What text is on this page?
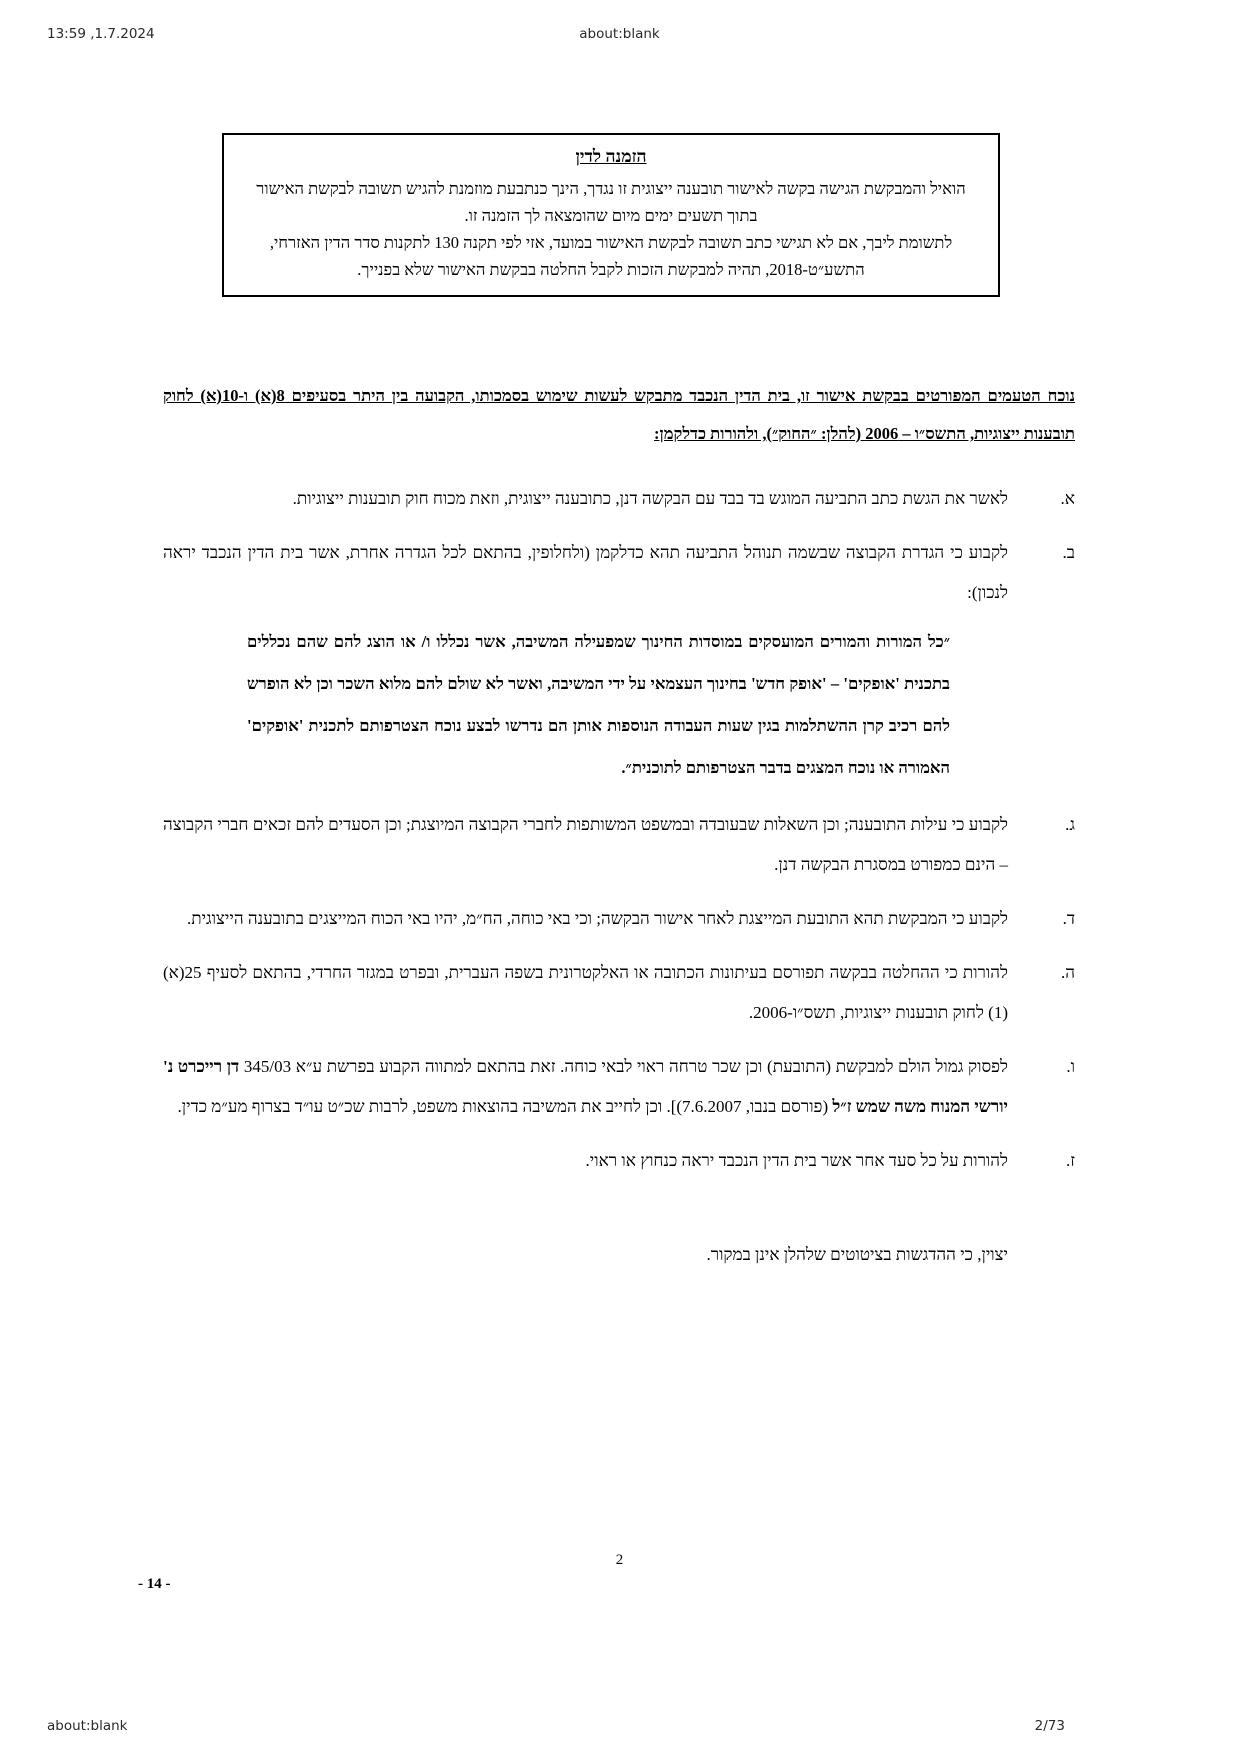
13:59 ,1.7.2024	about:blank
הזמנה לדין

הואיל והמבקשת הגישה בקשה לאישור תובענה ייצוגית זו נגדך, הינך כנתבעת מוזמנת להגיש תשובה לבקשת האישור בתוך תשעים ימים מיום שהומצאה לך הזמנה זו.

לתשומת ליבך, אם לא תגישי כתב תשובה לבקשת האישור במועד, אזי לפי תקנה 130 לתקנות סדר הדין האזרחי, התשע״ט-2018, תהיה למבקשת הזכות לקבל החלטה בבקשת האישור שלא בפנייך.

נוכח הטעמים המפורטים בבקשת אישור זו, בית הדין הנכבד מתבקש לעשות שימוש בסמכותו, הקבועה בין היתר בסעיפים 8(א) ו-10(א) לחוק תובענות ייצוגיות, התשס״ו – 2006 (להלן: ״החוק״), ולהורות כדלקמן:

א.

לאשר את הגשת כתב התביעה המוגש בד בבד עם הבקשה דנן, כתובענה ייצוגית, וזאת מכוח חוק תובענות ייצוגיות.

ב.

לקבוע כי הגדרת הקבוצה שבשמה תנוהל התביעה תהא כדלקמן (ולחלופין, בהתאם לכל הגדרה אחרת, אשר בית הדין הנכבד יראה לנכון):

״כל המורות והמורים המועסקים במוסדות החינוך שמפעילה המשיבה, אשר נכללו ו/ או הוצג להם שהם נכללים בתכנית 'אופקים' – 'אופק חדש' בחינוך העצמאי על ידי המשיבה, ואשר לא שולם להם מלוא השכר וכן לא הופרש להם רכיב קרן ההשתלמות בגין שעות העבודה הנוספות אותן הם נדרשו לבצע נוכח הצטרפותם לתכנית 'אופקים' האמורה או נוכח המצגים בדבר הצטרפותם לתוכנית״.

ג.

לקבוע כי עילות התובענה; וכן השאלות שבעובדה ובמשפט המשותפות לחברי הקבוצה המיוצגת; וכן הסעדים להם זכאים חברי הקבוצה – הינם כמפורט במסגרת הבקשה דנן.

ד.

לקבוע כי המבקשת תהא התובעת המייצגת לאחר אישור הבקשה; וכי באי כוחה, הח״מ, יהיו באי הכוח המייצגים בתובענה הייצוגית.

ה.

להורות כי ההחלטה בבקשה תפורסם בעיתונות הכתובה או האלקטרונית בשפה העברית, ובפרט במגזר החרדי, בהתאם לסעיף 25(א)(1) לחוק תובענות ייצוגיות, תשס״ו-2006.

ו.

לפסוק גמול הולם למבקשת (התובעת) וכן שכר טרחה ראוי לבאי כוחה. זאת בהתאם למתווה הקבוע בפרשת ע״א 345/03 דן רייכרט נ' יורשי המנוח משה שמש ז״ל (פורסם בנבו, 7.6.2007)]. וכן לחייב את המשיבה בהוצאות משפט, לרבות שכ״ט עו״ד בצרוף מע״מ כדין.

ז.

להורות על כל סעד אחר אשר בית הדין הנכבד יראה כנחוץ או ראוי.

יצוין, כי ההדגשות בציטוטים שלהלן אינן במקור.

2
- 14 -
about:blank	2/73
